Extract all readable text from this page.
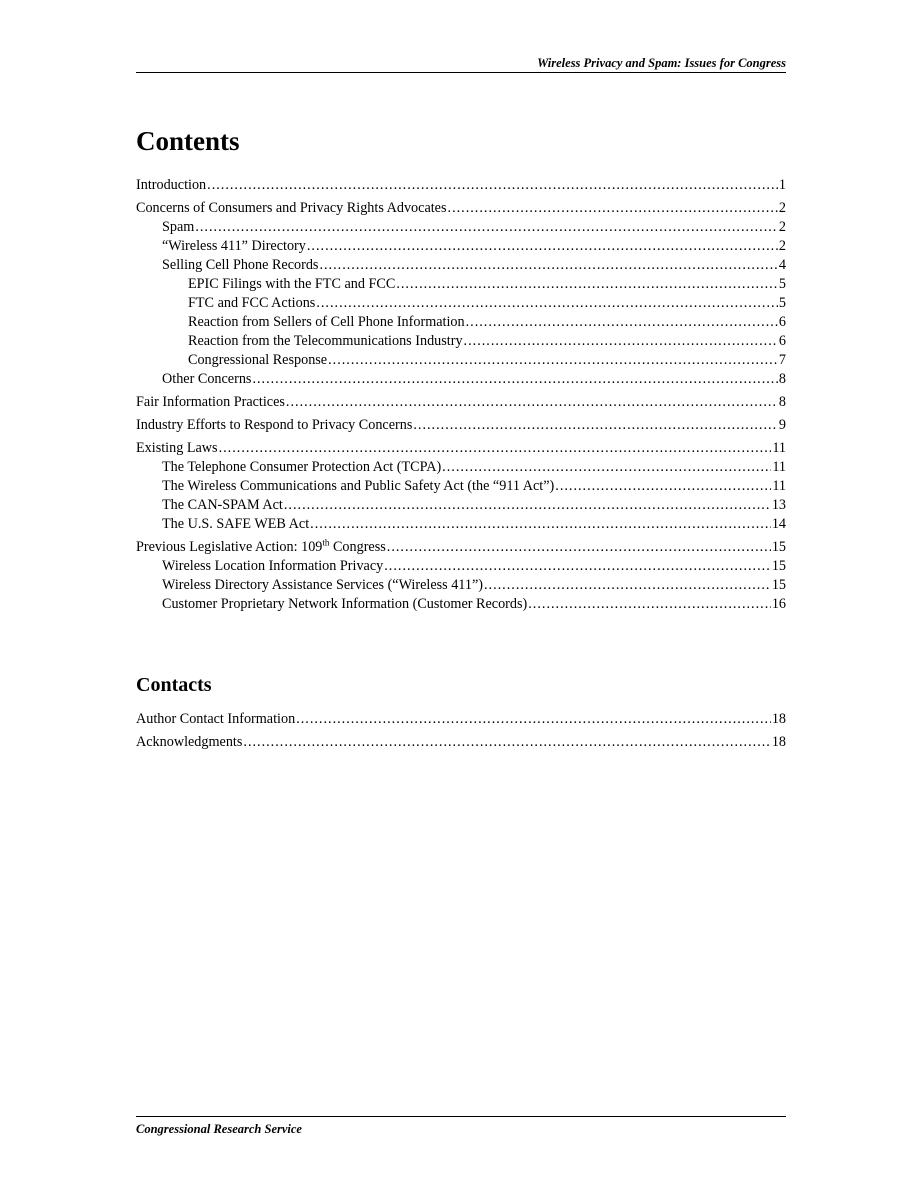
Wireless Privacy and Spam: Issues for Congress
Contents
Introduction .....	1
Concerns of Consumers and Privacy Rights Advocates .....	2
Spam .....	2
“Wireless 411” Directory .....	2
Selling Cell Phone Records .....	4
EPIC Filings with the FTC and FCC .....	5
FTC and FCC Actions .....	5
Reaction from Sellers of Cell Phone Information .....	6
Reaction from the Telecommunications Industry .....	6
Congressional Response .....	7
Other Concerns .....	8
Fair Information Practices .....	8
Industry Efforts to Respond to Privacy Concerns .....	9
Existing Laws .....	11
The Telephone Consumer Protection Act (TCPA) .....	11
The Wireless Communications and Public Safety Act (the “911 Act”) .....	11
The CAN-SPAM Act .....	13
The U.S. SAFE WEB Act .....	14
Previous Legislative Action: 109th Congress .....	15
Wireless Location Information Privacy .....	15
Wireless Directory Assistance Services (“Wireless 411”) .....	15
Customer Proprietary Network Information (Customer Records) .....	16
Contacts
Author Contact Information .....	18
Acknowledgments .....	18
Congressional Research Service
